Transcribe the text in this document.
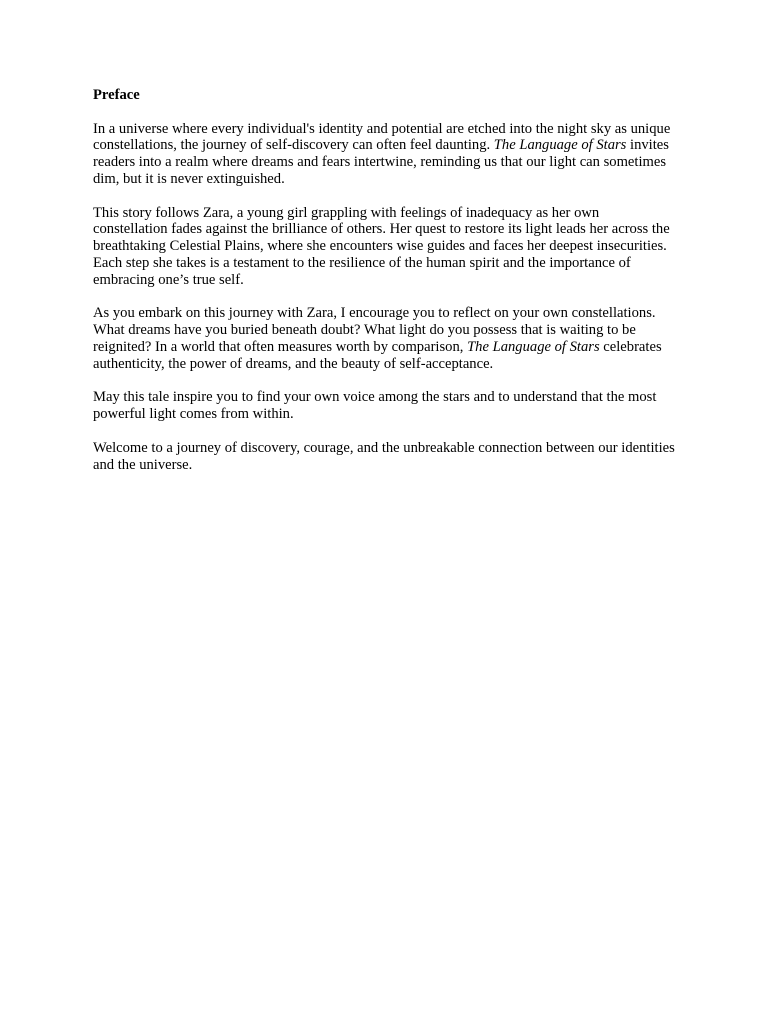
Preface

In a universe where every individual's identity and potential are etched into the night sky as unique constellations, the journey of self-discovery can often feel daunting. The Language of Stars invites readers into a realm where dreams and fears intertwine, reminding us that our light can sometimes dim, but it is never extinguished.

This story follows Zara, a young girl grappling with feelings of inadequacy as her own constellation fades against the brilliance of others. Her quest to restore its light leads her across the breathtaking Celestial Plains, where she encounters wise guides and faces her deepest insecurities. Each step she takes is a testament to the resilience of the human spirit and the importance of embracing one’s true self.

As you embark on this journey with Zara, I encourage you to reflect on your own constellations. What dreams have you buried beneath doubt? What light do you possess that is waiting to be reignited? In a world that often measures worth by comparison, The Language of Stars celebrates authenticity, the power of dreams, and the beauty of self-acceptance.

May this tale inspire you to find your own voice among the stars and to understand that the most powerful light comes from within.

Welcome to a journey of discovery, courage, and the unbreakable connection between our identities and the universe.
